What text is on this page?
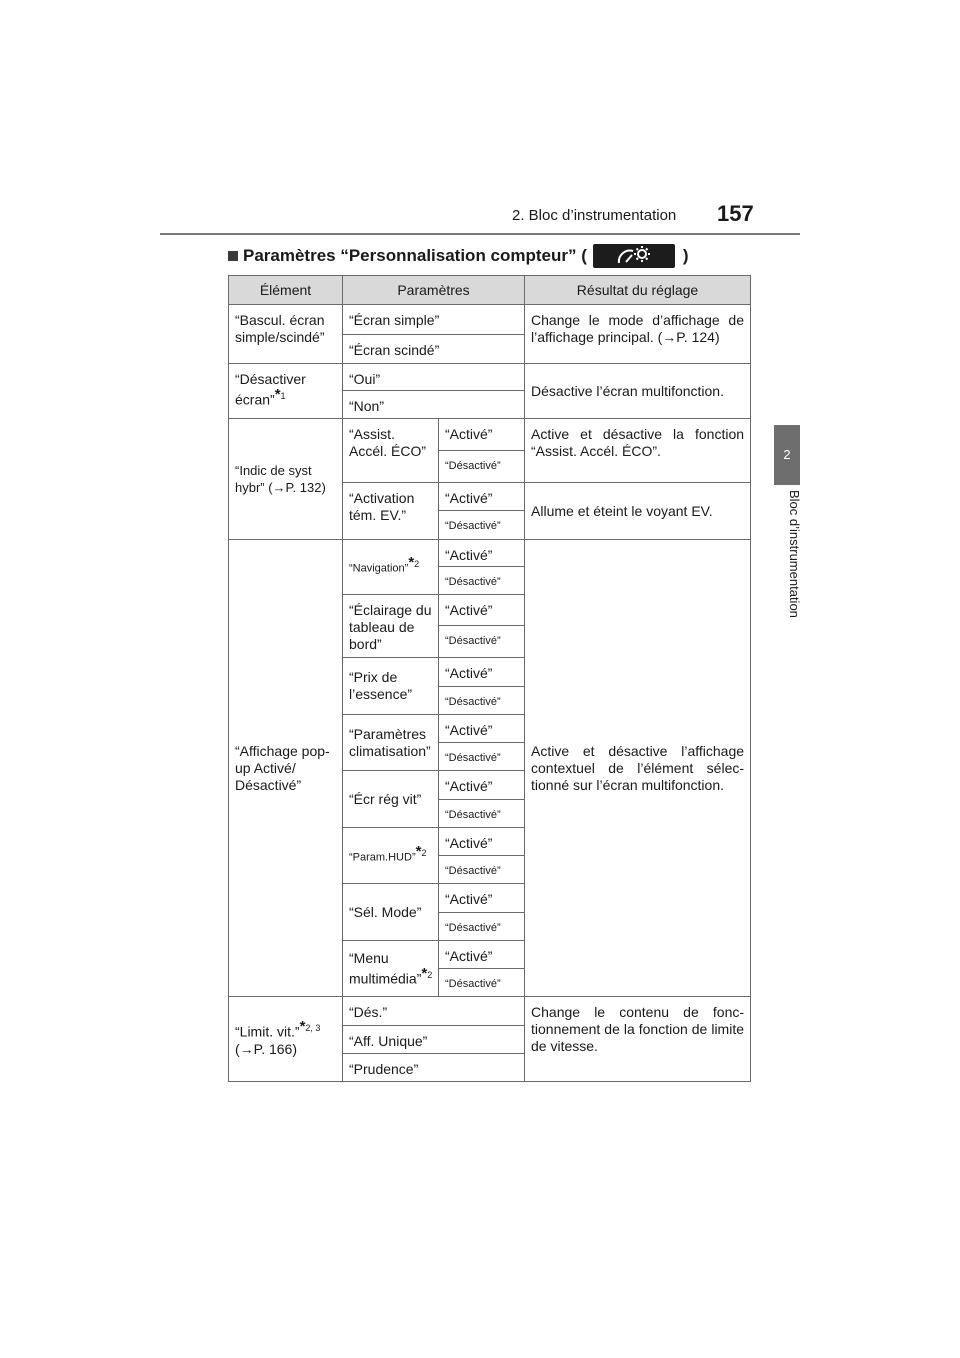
2. Bloc d’instrumentation 157
2
Bloc d’instrumentation
Paramètres “Personnalisation compteur” (	)
Élément	Paramètres		Résultat du réglage
“Bascul. écran simple/scindé”	“Écran simple”		Change le mode d’affichage de l’affichage principal. (→P. 124)
	“Écran scindé”		
“Désactiver écran”*$^1$	“Oui”		Désactive l’écran multifonction.
	“Non”		
“Indic de syst hybr” (→P. 132)	“Assist. Accél. ÉCO”	“Activé”	Active et désactive la fonction “Assist. Accél. ÉCO”.
		“Désactivé”	
	“Activation tém. EV.”	“Activé”	Allume et éteint le voyant EV.
		“Désactivé”	
“Affichage pop-up Activé/ Désactivé”	“Navigation”*$^2$	“Activé”	Active et désactive l’affichage contextuel de l’élément sélec- tionné sur l’écran multifonction.
		“Désactivé”	
	“Éclairage du tableau de bord”	“Activé”	
		“Désactivé”	
	“Prix de l’essence”	“Activé”	
		“Désactivé”	
	“Paramètres climatisation”	“Activé”	
		“Désactivé”	
	“Écr rég vit”	“Activé”	
		“Désactivé”	
	“Param.HUD”*$^2$	“Activé”	
		“Désactivé”	
	“Sél. Mode”	“Activé”	
		“Désactivé”	
	“Menu multimédia”*$^2$	“Activé”	
		“Désactivé”	
“Limit. vit.”*$^{2, 3}$
(→P. 166)	“Dés.”		Change le contenu de fonc- tionnement de la fonction de limite de vitesse.
	“Aff. Unique”		
	“Prudence”		
